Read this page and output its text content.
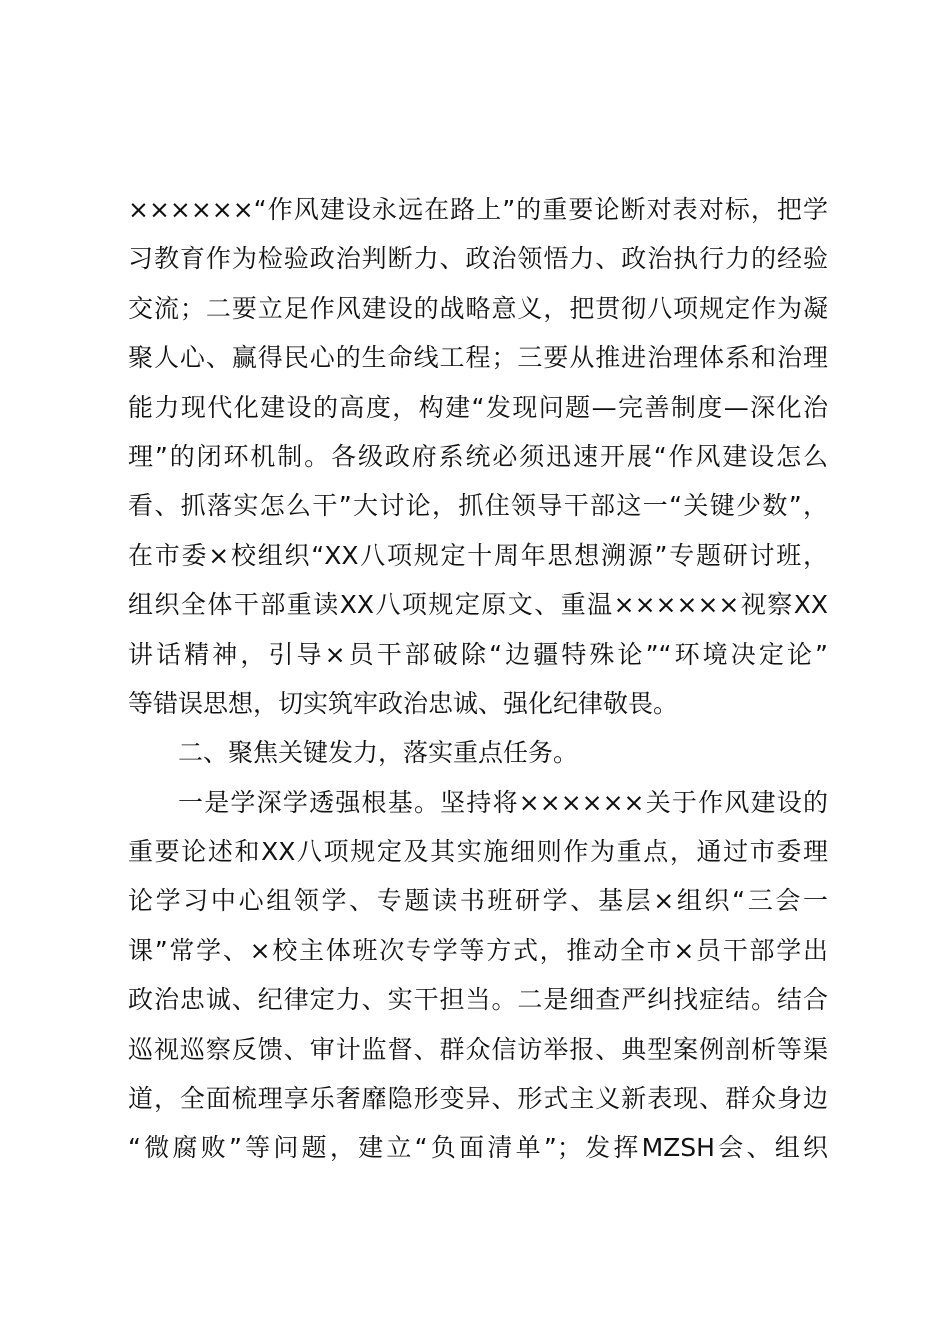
××××××“作风建设永远在路上”的重要论断对表对标，把学
习教育作为检验政治判断力、政治领悟力、政治执行力的经验
交流；二要立足作风建设的战略意义，把贯彻八项规定作为凝
聚人心、赢得民心的生命线工程；三要从推进治理体系和治理
能力现代化建设的高度，构建“发现问题—完善制度—深化治
理”的闭环机制。各级政府系统必须迅速开展“作风建设怎么
看、抓落实怎么干”大讨论，抓住领导干部这一“关键少数”，
在市委×校组织“XX八项规定十周年思想溯源”专题研讨班，
组织全体干部重读XX八项规定原文、重温××××××视察XX
讲话精神，引导×员干部破除“边疆特殊论”“环境决定论”
等错误思想，切实筑牢政治忠诚、强化纪律敬畏。
二、聚焦关键发力，落实重点任务。
一是学深学透强根基。坚持将××××××关于作风建设的
重要论述和XX八项规定及其实施细则作为重点，通过市委理
论学习中心组领学、专题读书班研学、基层×组织“三会一
课”常学、×校主体班次专学等方式，推动全市×员干部学出
政治忠诚、纪律定力、实干担当。二是细查严纠找症结。结合
巡视巡察反馈、审计监督、群众信访举报、典型案例剖析等渠
道，全面梳理享乐奢靡隐形变异、形式主义新表现、群众身边
“微腐败”等问题，建立“负面清单”；发挥MZSH会、组织
